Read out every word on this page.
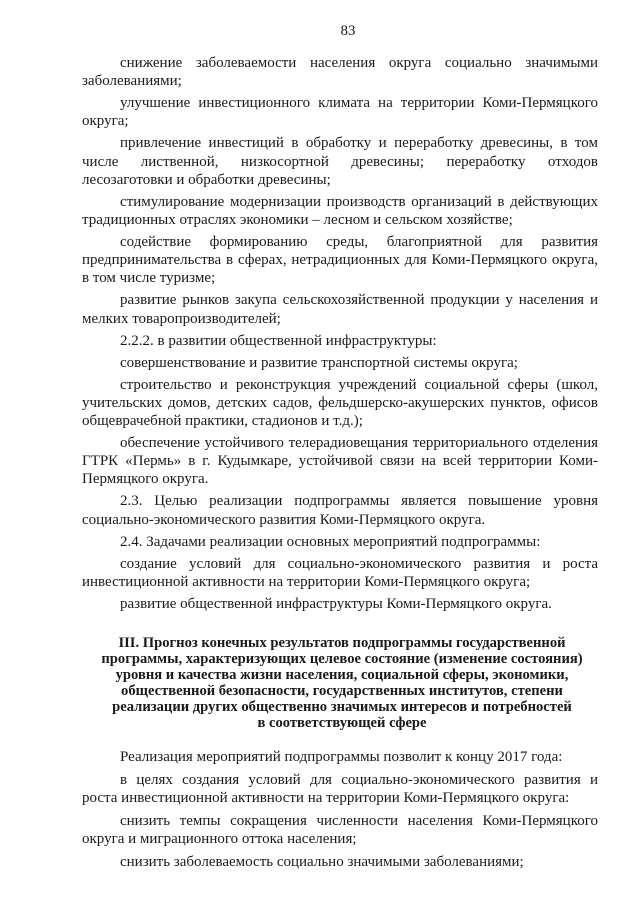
83

снижение заболеваемости населения округа социально значимыми заболеваниями;

улучшение инвестиционного климата на территории Коми-Пермяцкого округа;

привлечение инвестиций в обработку и переработку древесины, в том числе лиственной, низкосортной древесины; переработку отходов лесозаготовки и обработки древесины;

стимулирование модернизации производств организаций в действующих традиционных отраслях экономики – лесном и сельском хозяйстве;

содействие формированию среды, благоприятной для развития предпринимательства в сферах, нетрадиционных для Коми-Пермяцкого округа, в том числе туризме;

развитие рынков закупа сельскохозяйственной продукции у населения и мелких товаропроизводителей;

2.2.2. в развитии общественной инфраструктуры:

совершенствование и развитие транспортной системы округа;

строительство и реконструкция учреждений социальной сферы (школ, учительских домов, детских садов, фельдшерско-акушерских пунктов, офисов общеврачебной практики, стадионов и т.д.);

обеспечение устойчивого телерадиовещания территориального отделения ГТРК «Пермь» в г. Кудымкаре, устойчивой связи на всей территории Коми-Пермяцкого округа.

2.3. Целью реализации подпрограммы является повышение уровня социально-экономического развития Коми-Пермяцкого округа.

2.4. Задачами реализации основных мероприятий подпрограммы:

создание условий для социально-экономического развития и роста инвестиционной активности на территории Коми-Пермяцкого округа;

развитие общественной инфраструктуры Коми-Пермяцкого округа.

III. Прогноз конечных результатов подпрограммы государственной
программы, характеризующих целевое состояние (изменение состояния)
уровня и качества жизни населения, социальной сферы, экономики,
общественной безопасности, государственных институтов, степени
реализации других общественно значимых интересов и потребностей
в соответствующей сфере

Реализация мероприятий подпрограммы позволит к концу 2017 года:

в целях создания условий для социально-экономического развития и роста инвестиционной активности на территории Коми-Пермяцкого округа:

снизить темпы сокращения численности населения Коми-Пермяцкого округа и миграционного оттока населения;

снизить заболеваемость социально значимыми заболеваниями;
